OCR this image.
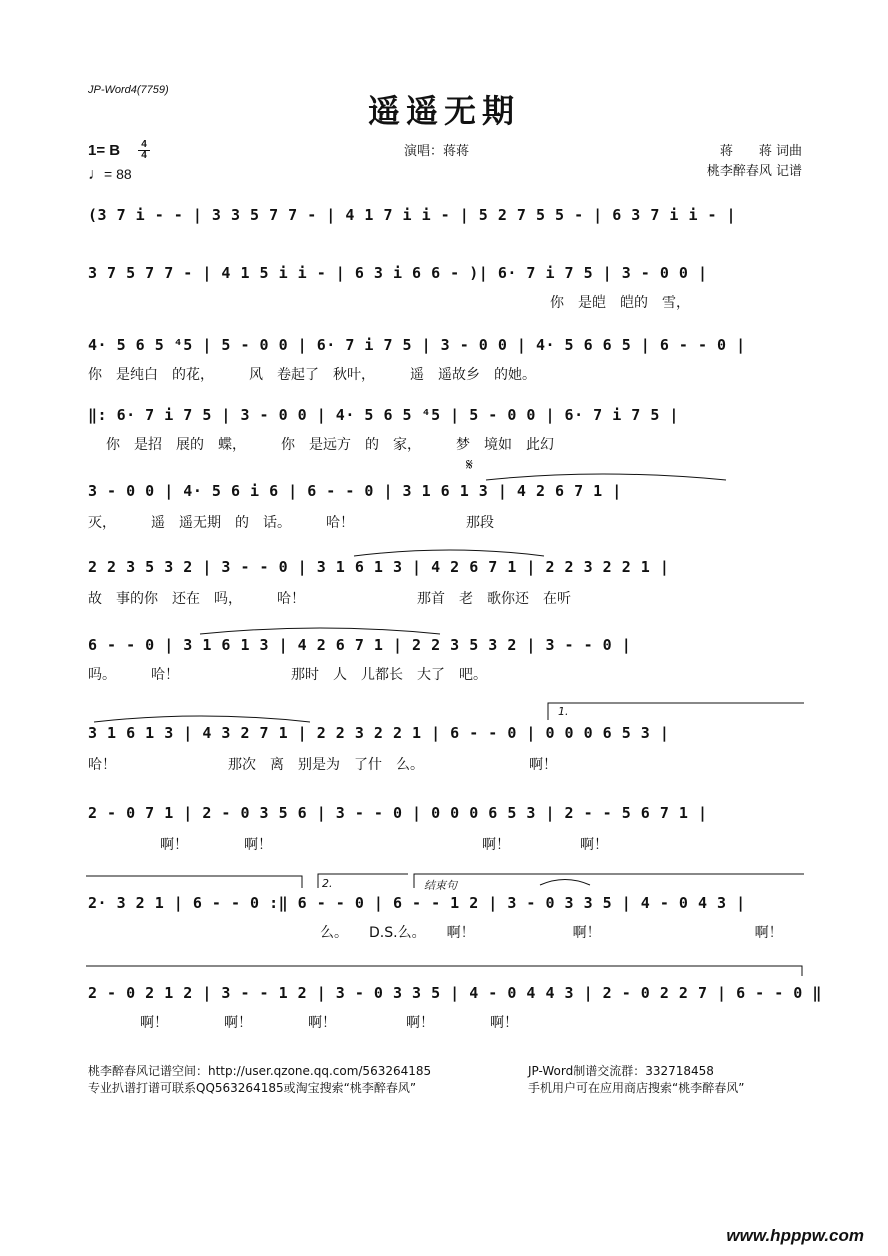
JP-Word4(7759)
遥遥无期
1= B	4
4
♩= 88
演唱：蒋蒋	蒋　　蒋 词曲
桃李醉春风 记谱
(3 7 i - - | 3 3 5 7 7 - | 4 1 7 i i - | 5 2 7 5 5 - | 6 3 7 i i - |
3 7 5 7 7 - | 4 1 5 i i - | 6 3 i 6 6 - )| 6· 7 i 7 5 | 3 - 0 0 |
你　是皑　皑的　雪，
4· 5 6 5 ⁴5 | 5 - 0 0 | 6· 7 i 7 5 | 3 - 0 0 | 4· 5 6 6 5 | 6 - - 0 |
你　是纯白　的花，　　　风　卷起了　秋叶，　　　遥　遥故乡　的她。
‖: 6· 7 i 7 5 | 3 - 0 0 | 4· 5 6 5 ⁴5 | 5 - 0 0 | 6· 7 i 7 5 |
你　是招　展的　蝶，　　　你　是远方　的　家，　　　梦　境如　此幻
3 - 0 0 | 4· 5 6 i 6 | 6 - - 0 | 3 1 6 1 3 | 4 2 6 7 1 |
灭，　　　遥　遥无期　的　话。　　　哈！　　　　　　　　那段
2 2 3 5 3 2 | 3 - - 0 | 3 1 6 1 3 | 4 2 6 7 1 | 2 2 3 2 2 1 |
故　事的你　还在　吗，　　　哈！　　　　　　　　那首　老　歌你还　在听
6 - - 0 | 3 1 6 1 3 | 4 2 6 7 1 | 2 2 3 5 3 2 | 3 - - 0 |
吗。　　　哈！　　　　　　　　那时　人　儿都长　大了　吧。
3 1 6 1 3 | 4 3 2 7 1 | 2 2 3 2 2 1 | 6 - - 0 | 0 0 0 6 5 3 |
哈！　　　　　　　　那次　离　别是为　了什　么。　　　　　　　　啊！
2 - 0 7 1 | 2 - 0 3 5 6 | 3 - - 0 | 0 0 0 6 5 3 | 2 - - 5 6 7 1 |
啊！　　　　啊！　　　　　　　　　　　　　　　啊！　　　　　啊！
2· 3 2 1 | 6 - - 0 :‖ 6 - - 0 | 6 - - 1 2 | 3 - 0 3 3 5 | 4 - 0 4 3 |
么。　　D.S.么。　　啊！　　　　　　　啊！　　　　　　　　　　　啊！
2 - 0 2 1 2 | 3 - - 1 2 | 3 - 0 3 3 5 | 4 - 0 4 4 3 | 2 - 0 2 2 7 | 6 - - 0 ‖
啊！　　　　啊！　　　　啊！　　　　　啊！　　　　啊！
1.
2.	结束句
𝄋
桃李醉春风记谱空间：http://user.qzone.qq.com/563264185
专业扒谱打谱可联系QQ563264185或淘宝搜索“桃李醉春风”
JP-Word制谱交流群：332718458
手机用户可在应用商店搜索“桃李醉春风”
www.hpppw.com
